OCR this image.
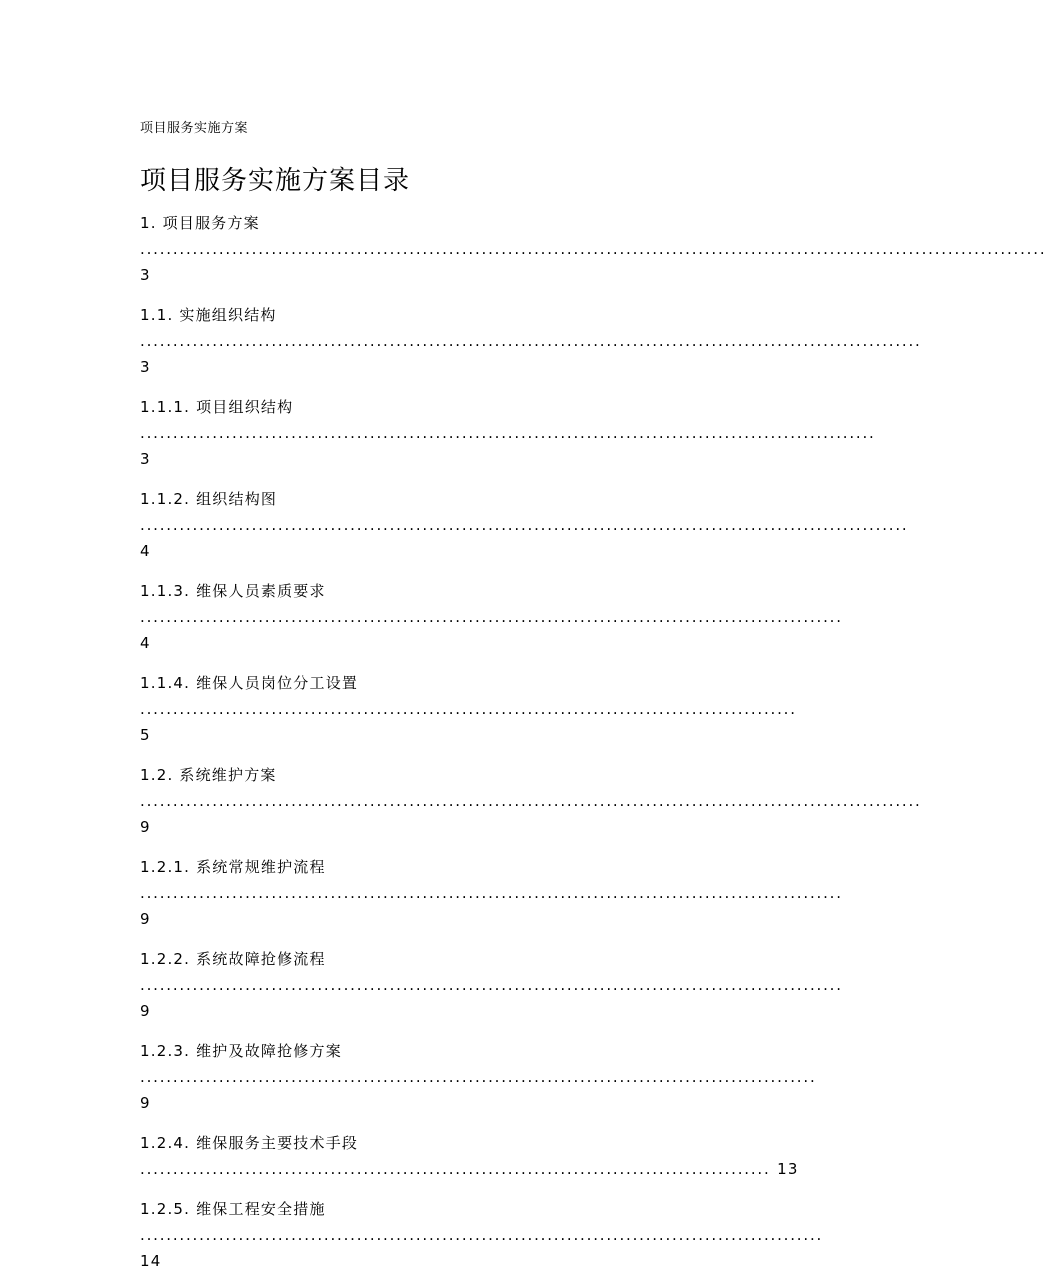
项目服务实施方案
项目服务实施方案目录
1. 项目服务方案
.......................................................................................................................................... 3
1.1. 实施组织结构
....................................................................................................................... 3
1.1.1. 项目组织结构
................................................................................................................ 3
1.1.2. 组织结构图
..................................................................................................................... 4
1.1.3. 维保人员素质要求
........................................................................................................... 4
1.1.4. 维保人员岗位分工设置
.................................................................................................... 5
1.2. 系统维护方案
....................................................................................................................... 9
1.2.1. 系统常规维护流程
........................................................................................................... 9
1.2.2. 系统故障抢修流程
........................................................................................................... 9
1.2.3. 维护及故障抢修方案
....................................................................................................... 9
1.2.4. 维保服务主要技术手段
................................................................................................ 13
1.2.5. 维保工程安全措施
........................................................................................................ 14
